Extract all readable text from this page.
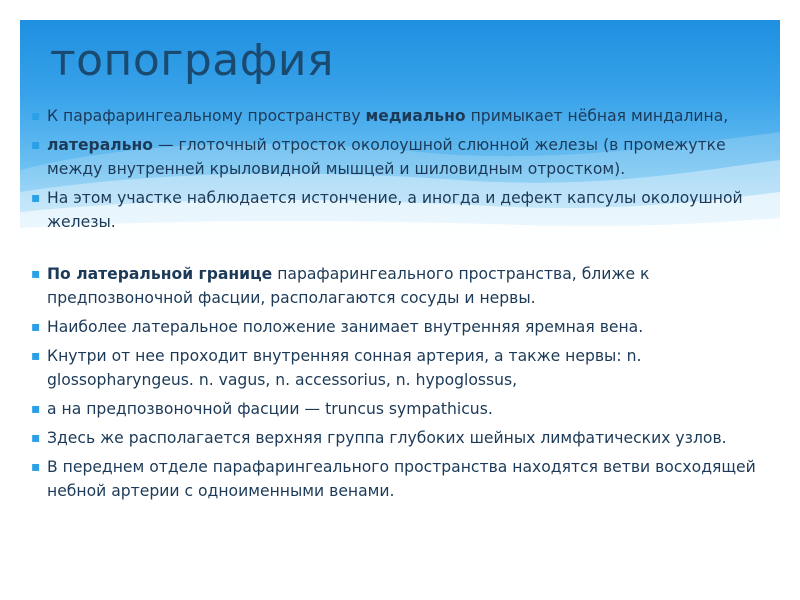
топография
▪ К парафарингеальному пространству медиально примыкает нёбная миндалина,
▪ латерально — глоточный отросток околоушной слюнной железы (в промежутке между внутренней крыловидной мышцей и шиловидным отростком).
▪ На этом участке наблюдается истончение, а иногда и дефект капсулы околоушной железы.
▪ По латеральной границе парафарингеального пространства, ближе к предпозвоночной фасции, располагаются сосуды и нервы.
▪ Наиболее латеральное положение занимает внутренняя яремная вена.
▪ Кнутри от нее проходит внутренняя сонная артерия, а также нервы: n. glossopharyngeus. n. vagus, n. accessorius, n. hypoglossus,
▪ а на предпозвоночной фасции — truncus sympathicus.
▪ Здесь же располагается верхняя группа глубоких шейных лимфатических узлов.
▪ В переднем отделе парафарингеального пространства находятся ветви восходящей небной артерии с одноименными венами.
